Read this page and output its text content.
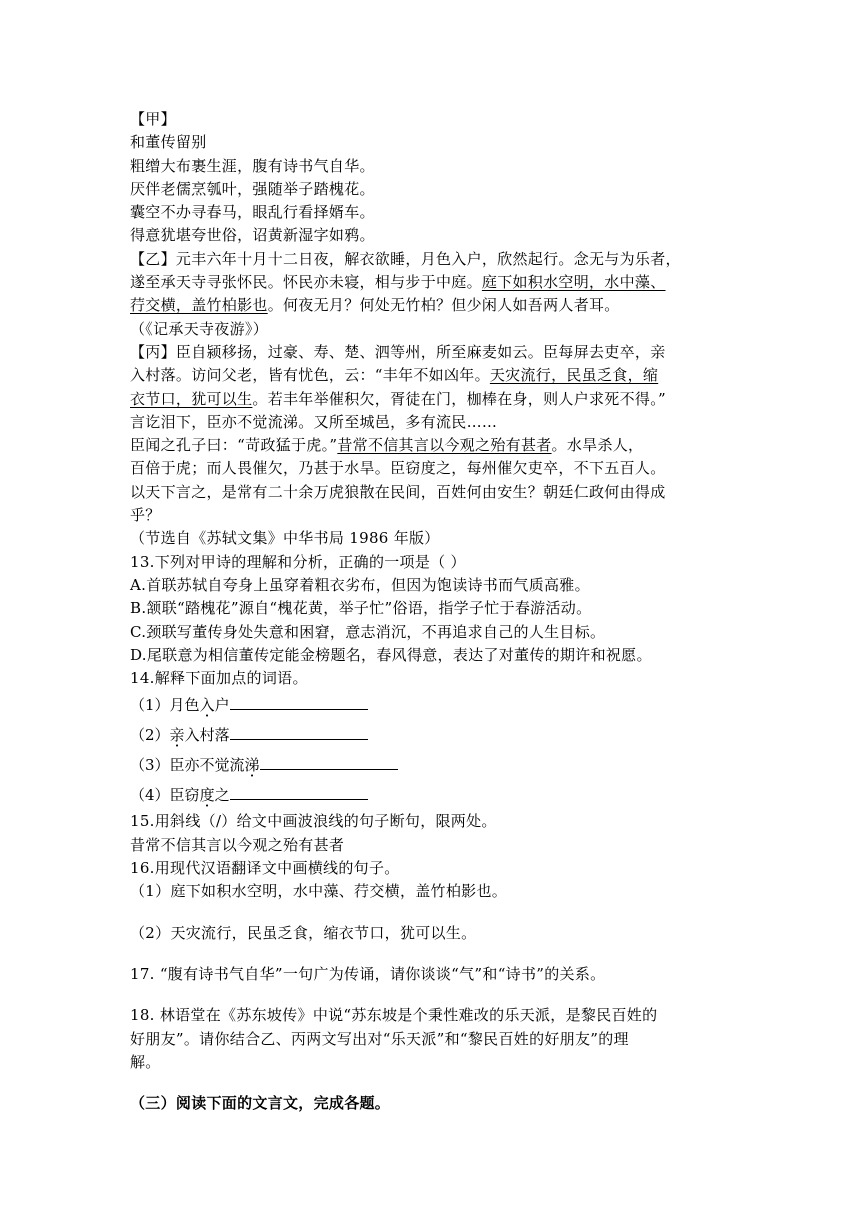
【甲】
和董传留别
粗缯大布裹生涯，腹有诗书气自华。
厌伴老儒烹瓠叶，强随举子踏槐花。
囊空不办寻春马，眼乱行看择婿车。
得意犹堪夸世俗，诏黄新湿字如鸦。
【乙】元丰六年十月十二日夜，解衣欲睡，月色入户，欣然起行。念无与为乐者，
遂至承天寺寻张怀民。怀民亦未寝，相与步于中庭。庭下如积水空明，水中藻、
荇交横，盖竹柏影也。何夜无月？何处无竹柏？但少闲人如吾两人者耳。
（《记承天寺夜游》）
【丙】臣自颍移扬，过豪、寿、楚、泗等州，所至麻麦如云。臣每屏去吏卒，亲
入村落。访问父老，皆有忧色，云：“丰年不如凶年。天灾流行，民虽乏食，缩
衣节口，犹可以生。若丰年举催积欠，胥徒在门，枷棒在身，则人户求死不得。”
言讫泪下，臣亦不觉流涕。又所至城邑，多有流民……
臣闻之孔子曰：“苛政猛于虎。”昔常不信其言以今观之殆有甚者。水旱杀人，
百倍于虎；而人畏催欠，乃甚于水旱。臣窃度之，每州催欠吏卒，不下五百人。
以天下言之，是常有二十余万虎狼散在民间，百姓何由安生？朝廷仁政何由得成
乎？
（节选自《苏轼文集》中华书局 1986 年版）
13.下列对甲诗的理解和分析，正确的一项是（ ）
A.首联苏轼自夸身上虽穿着粗衣劣布，但因为饱读诗书而气质高雅。
B.颔联“踏槐花”源自“槐花黄，举子忙”俗语，指学子忙于春游活动。
C.颈联写董传身处失意和困窘，意志消沉，不再追求自己的人生目标。
D.尾联意为相信董传定能金榜题名，春风得意，表达了对董传的期许和祝愿。
14.解释下面加点的词语。
（1）月色入户
（2）亲入村落
（3）臣亦不觉流涕
（4）臣窃度之
15.用斜线（/）给文中画波浪线的句子断句，限两处。
昔常不信其言以今观之殆有甚者
16.用现代汉语翻译文中画横线的句子。
（1）庭下如积水空明，水中藻、荇交横，盖竹柏影也。
（2）天灾流行，民虽乏食，缩衣节口，犹可以生。
17. “腹有诗书气自华”一句广为传诵，请你谈谈“气”和“诗书”的关系。
18. 林语堂在《苏东坡传》中说“苏东坡是个秉性难改的乐天派，是黎民百姓的
好朋友”。请你结合乙、丙两文写出对“乐天派”和“黎民百姓的好朋友”的理
解。
（三）阅读下面的文言文，完成各题。
